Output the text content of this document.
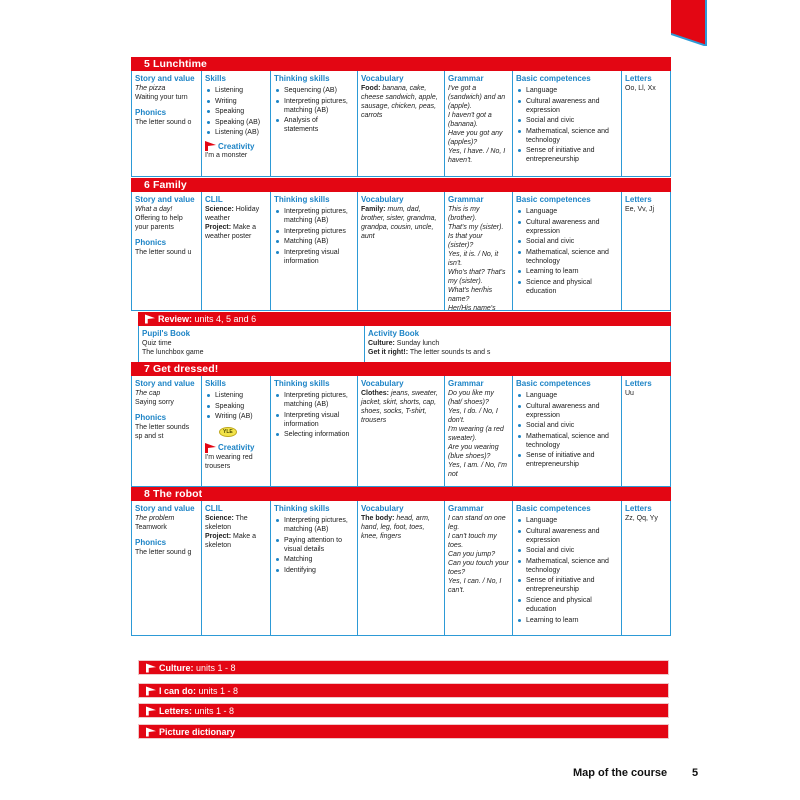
5 Lunchtime
Story and value
The pizza
Waiting your turn
Phonics
The letter sound o
Skills
Listening
Writing
Speaking
Speaking (AB)
Listening (AB)
Creativity
I'm a monster
Thinking skills
Sequencing (AB)
Interpreting pictures, matching (AB)
Analysis of statements
Vocabulary
Food: banana, cake, cheese sandwich, apple, sausage, chicken, peas, carrots
Grammar
I've got a (sandwich) and an (apple).
I haven't got a (banana).
Have you got any (apples)?
Yes, I have. / No, I haven't.
Basic competences
Language
Cultural awareness and expression
Social and civic
Mathematical, science and technology
Sense of initiative and entrepreneurship
Letters
Oo, Ll, Xx
6 Family
Story and value
What a day!
Offering to help your parents
Phonics
The letter sound u
CLIL
Science: Holiday weather
Project: Make a weather poster
Thinking skills
Interpreting pictures, matching (AB)
Interpreting pictures
Matching (AB)
Interpreting visual information
Vocabulary
Family: mum, dad, brother, sister, grandma, grandpa, cousin, uncle, aunt
Grammar
This is my (brother).
That's my (sister).
Is that your (sister)?
Yes, it is. / No, it isn't.
Who's that? That's my (sister).
What's her/his name?
Her/His name's
Basic competences
Language
Cultural awareness and expression
Social and civic
Mathematical, science and technology
Learning to learn
Science and physical education
Letters
Ee, Vv, Jj
Review: units 4, 5 and 6
Pupil's Book
Quiz time
The lunchbox game
Activity Book
Culture: Sunday lunch
Get it right!: The letter sounds ts and s
7 Get dressed!
Story and value
The cap
Saying sorry
Phonics
The letter sounds sp and st
Skills
Listening
Speaking
Writing (AB)
YLE
Creativity
I'm wearing red trousers
Thinking skills
Interpreting pictures, matching (AB)
Interpreting visual information
Selecting information
Vocabulary
Clothes: jeans, sweater, jacket, skirt, shorts, cap, shoes, socks, T-shirt, trousers
Grammar
Do you like my (hat/ shoes)?
Yes, I do. / No, I don't.
I'm wearing (a red sweater).
Are you wearing (blue shoes)?
Yes, I am. / No, I'm not
Basic competences
Language
Cultural awareness and expression
Social and civic
Mathematical, science and technology
Sense of initiative and entrepreneurship
Letters
Uu
8 The robot
Story and value
The problem
Teamwork
Phonics
The letter sound g
CLIL
Science: The skeleton
Project: Make a skeleton
Thinking skills
Interpreting pictures, matching (AB)
Paying attention to visual details
Matching
Identifying
Vocabulary
The body: head, arm, hand, leg, foot, toes, knee, fingers
Grammar
I can stand on one leg.
I can't touch my toes.
Can you jump?
Can you touch your toes?
Yes, I can. / No, I can't.
Basic competences
Language
Cultural awareness and expression
Social and civic
Mathematical, science and technology
Sense of initiative and entrepreneurship
Science and physical education
Learning to learn
Letters
Zz, Qq, Yy
Culture: units 1 - 8
I can do: units 1 - 8
Letters: units 1 - 8
Picture dictionary
Map of the course 5
